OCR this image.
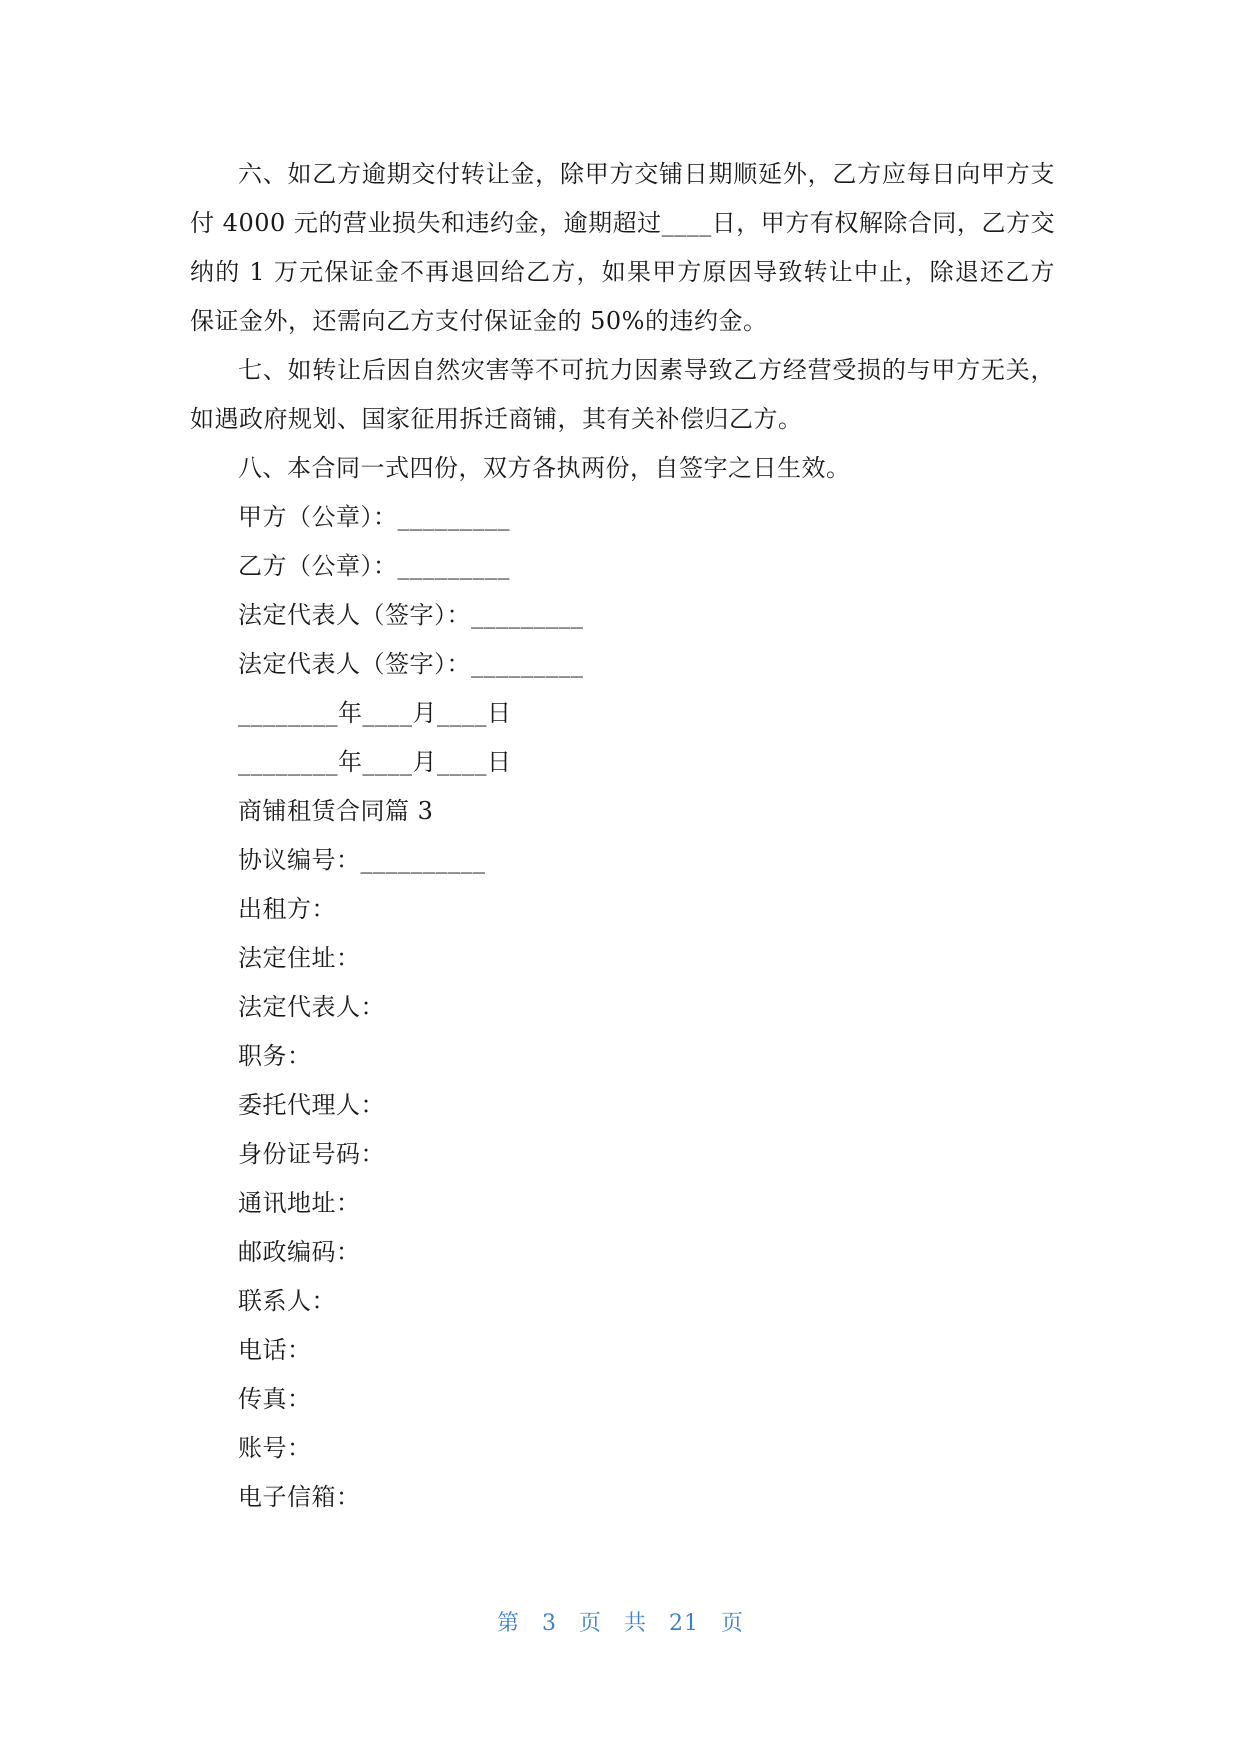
六、如乙方逾期交付转让金，除甲方交铺日期顺延外，乙方应每日向甲方支付 4000 元的营业损失和违约金，逾期超过____日，甲方有权解除合同，乙方交纳的 1 万元保证金不再退回给乙方，如果甲方原因导致转让中止，除退还乙方保证金外，还需向乙方支付保证金的 50%的违约金。

七、如转让后因自然灾害等不可抗力因素导致乙方经营受损的与甲方无关，如遇政府规划、国家征用拆迁商铺，其有关补偿归乙方。

八、本合同一式四份，双方各执两份，自签字之日生效。

甲方（公章）：_________

乙方（公章）：_________

法定代表人（签字）：_________

法定代表人（签字）：_________

________年____月____日

________年____月____日

商铺租赁合同篇 3

协议编号：__________

出租方：

法定住址：

法定代表人：

职务：

委托代理人：

身份证号码：

通讯地址：

邮政编码：

联系人：

电话：

传真：

账号：

电子信箱：

第 3 页 共 21 页
